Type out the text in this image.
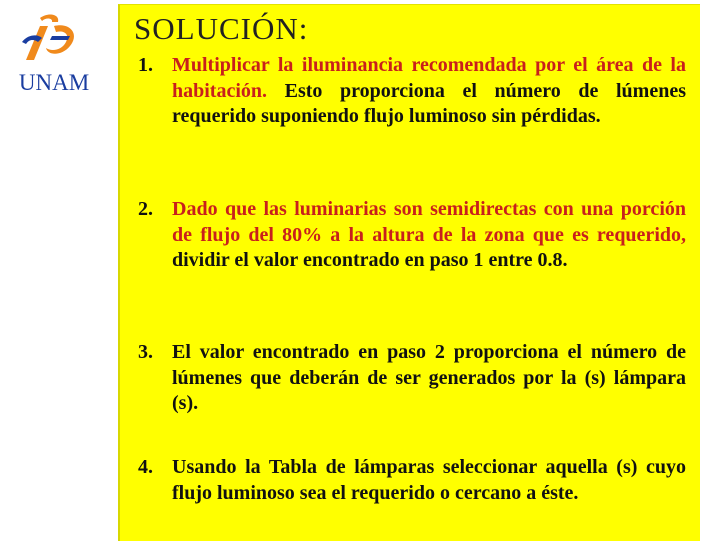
UNAM
SOLUCIÓN:
1. Multiplicar la iluminancia recomendada por el área de la habitación. Esto proporciona el número de lúmenes requerido suponiendo flujo luminoso sin pérdidas.
2. Dado que las luminarias son semidirectas con una porción de flujo del 80% a la altura de la zona que es requerido, dividir el valor encontrado en paso 1 entre 0.8.
3. El valor encontrado en paso 2 proporciona el número de lúmenes que deberán de ser generados por la (s) lámpara (s).
4. Usando la Tabla de lámparas seleccionar aquella (s) cuyo flujo luminoso sea el requerido o cercano a éste.
